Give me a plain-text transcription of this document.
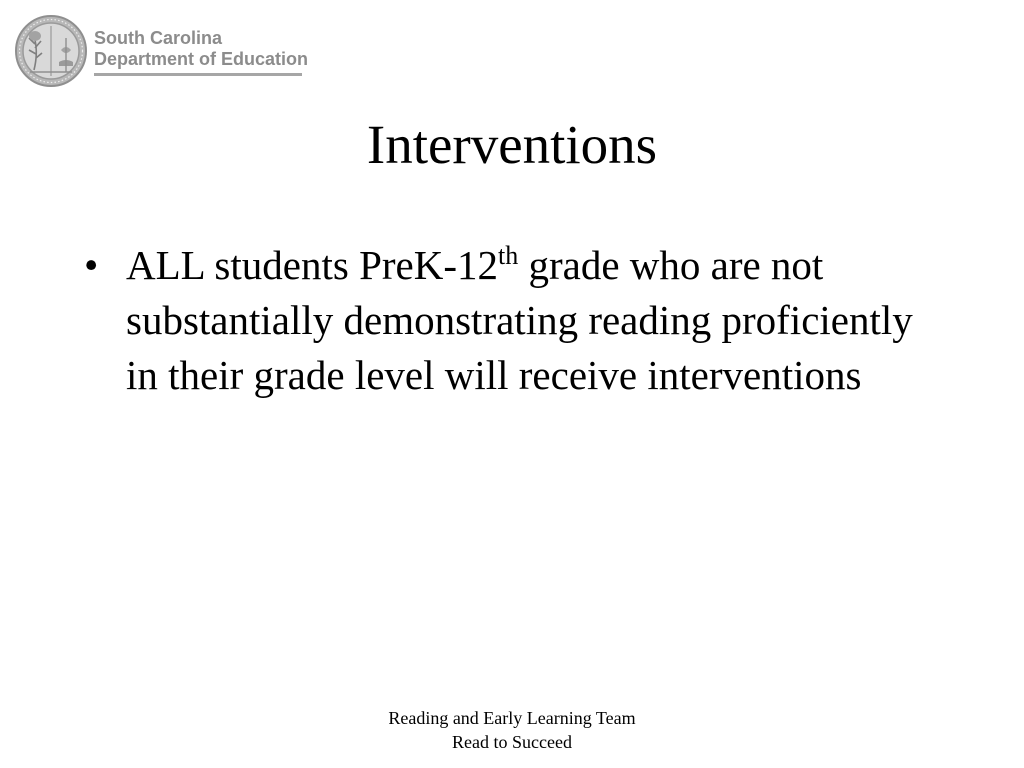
South Carolina
Department of Education
Interventions
• ALL students PreK-12th grade who are not substantially demonstrating reading proficiently in their grade level will receive interventions
Reading and Early Learning Team
Read to Succeed
